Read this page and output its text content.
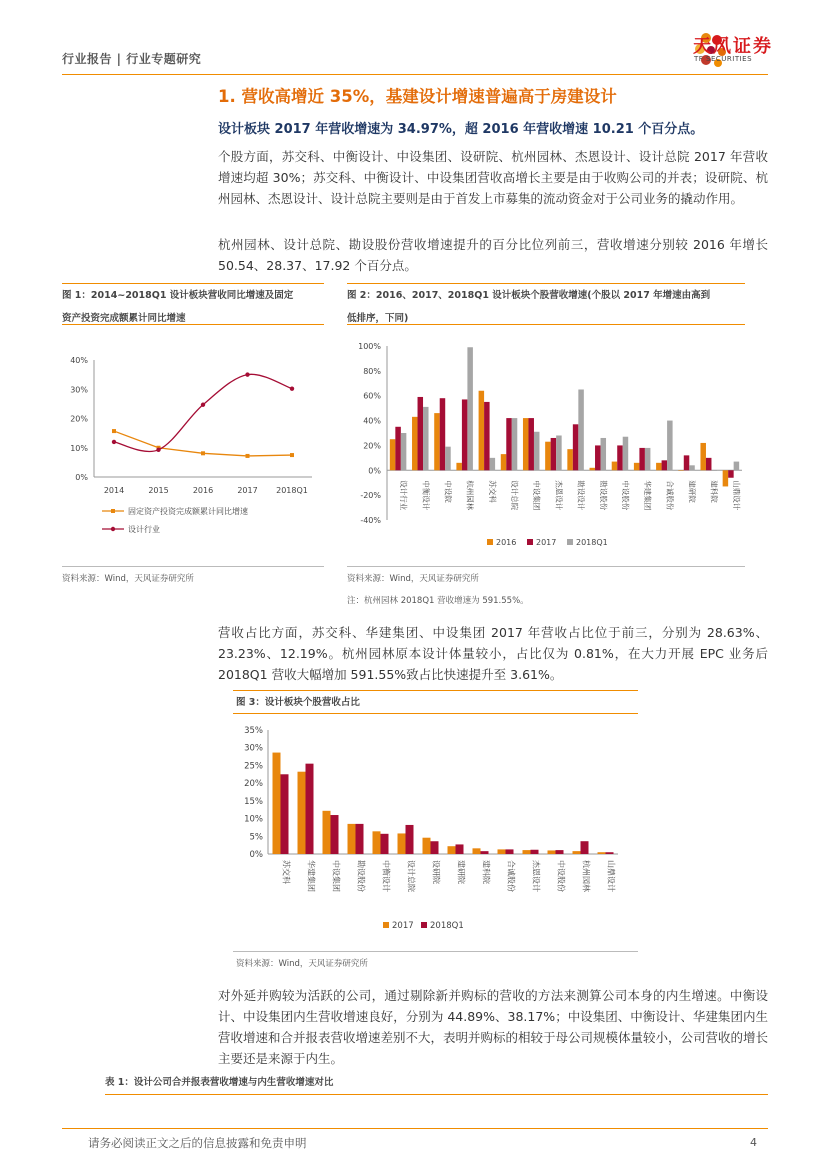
行业报告 | 行业专题研究
天风证券
TF SECURITIES
1. 营收高增近 35%，基建设计增速普遍高于房建设计
设计板块 2017 年营收增速为 34.97%，超 2016 年营收增速 10.21 个百分点。
个股方面，苏交科、中衡设计、中设集团、设研院、杭州园林、杰恩设计、设计总院 2017 年营收增速均超 30%；苏交科、中衡设计、中设集团营收高增长主要是由于收购公司的并表；设研院、杭州园林、杰恩设计、设计总院主要则是由于首发上市募集的流动资金对于公司业务的撬动作用。
杭州园林、设计总院、勘设股份营收增速提升的百分比位列前三，营收增速分别较 2016 年增长 50.54、28.37、17.92 个百分点。
图 1：2014~2018Q1 设计板块营收同比增速及固定
资产投资完成额累计同比增速
0%
10%
20%
30%
40%
2014	2015	2016	2017 2018Q1
固定资产投资完成额累计同比增速
设计行业
资料来源：Wind，天风证券研究所
图 2：2016、2017、2018Q1 设计板块个股营收增速(个股以 2017 年增速由高到
低排序，下同)
-40%
-20%
0%
20%
40%
60%
80%
100%
设计行业 中衡设计 中设院 杭州园林 苏交科 设计总院 中设集团 杰恩设计 勘设设计 勘设股份 中设股份 华建集团 合诚股份 建研院 建科院 山鼎设计
2016 2017 2018Q1
资料来源：Wind，天风证券研究所
注：杭州园林 2018Q1 营收增速为 591.55%。
营收占比方面，苏交科、华建集团、中设集团 2017 年营收占比位于前三，分别为 28.63%、23.23%、12.19%。杭州园林原本设计体量较小，占比仅为 0.81%，在大力开展 EPC 业务后 2018Q1 营收大幅增加 591.55%致占比快速提升至 3.61%。
图 3：设计板块个股营收占比
0%
5%
10%
15%
20%
25%
30%
35%
苏交科 华建集团 中设集团 勘设股份 中衡设计 设计总院 设研院 建研院 建科院 合诚股份 杰恩设计 中设股份 杭州园林 山鼎设计
2017 2018Q1
资料来源：Wind，天风证券研究所
对外延并购较为活跃的公司，通过剔除新并购标的营收的方法来测算公司本身的内生增速。中衡设计、中设集团内生营收增速良好，分别为 44.89%、38.17%；中设集团、中衡设计、华建集团内生营收增速和合并报表营收增速差别不大，表明并购标的相较于母公司规模体量较小，公司营收的增长主要还是来源于内生。
表 1：设计公司合并报表营收增速与内生营收增速对比
请务必阅读正文之后的信息披露和免责申明	4
